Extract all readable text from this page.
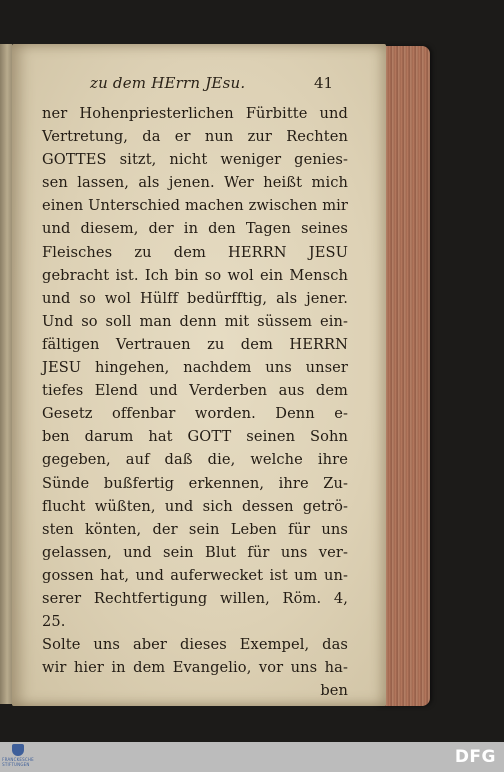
zu dem HErrn JEsu.	41
ner Hohenpriesterlichen Fürbitte und
Vertretung, da er nun zur Rechten
GOTTES sitzt, nicht weniger genies-
sen lassen, als jenen. Wer heißt mich
einen Unterschied machen zwischen mir
und diesem, der in den Tagen seines
Fleisches zu dem HERRN JESU
gebracht ist. Ich bin so wol ein Mensch
und so wol Hülff bedürfftig, als jener.
Und so soll man denn mit süssem ein-
fältigen Vertrauen zu dem HERRN
JESU hingehen, nachdem uns unser
tiefes Elend und Verderben aus dem
Gesetz offenbar worden. Denn e-
ben darum hat GOTT seinen Sohn
gegeben, auf daß die, welche ihre
Sünde bußfertig erkennen, ihre Zu-
flucht wüßten, und sich dessen getrö-
sten könten, der sein Leben für uns
gelassen, und sein Blut für uns ver-
gossen hat, und auferwecket ist um un-
serer Rechtfertigung willen, Röm. 4,
25.
Solte uns aber dieses Exempel, das
wir hier in dem Evangelio, vor uns ha-
ben
FRANCKESCHE STIFTUNGEN	DFG
